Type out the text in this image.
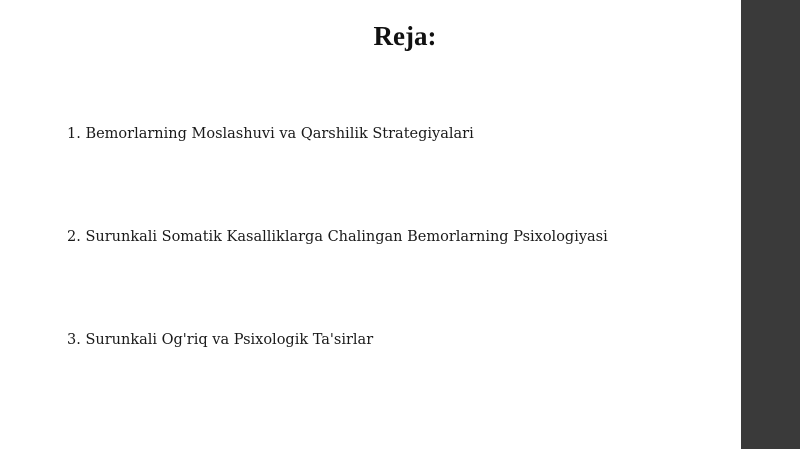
Reja:
1. Bemorlarning Moslashuvi va Qarshilik Strategiyalari
2. Surunkali Somatik Kasalliklarga Chalingan Bemorlarning Psixologiyasi
3. Surunkali Og'riq va Psixologik Ta'sirlar
